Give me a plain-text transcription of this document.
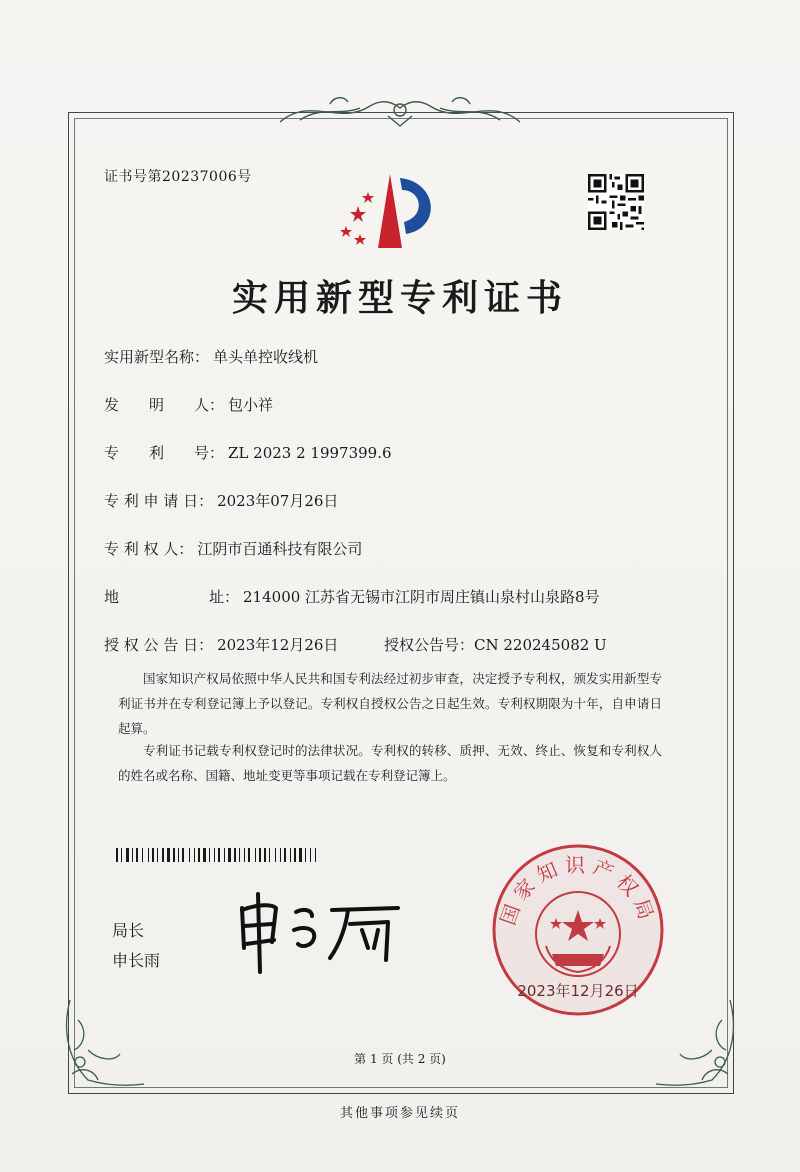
证书号第20237006号
实用新型专利证书
实用新型名称： 单头单控收线机
发　　明　　人： 包小祥
专　　利　　号： ZL 2023 2 1997399.6
专 利 申 请 日： 2023年07月26日
专 利 权 人： 江阴市百通科技有限公司
地　　　　　　址： 214000 江苏省无锡市江阴市周庄镇山泉村山泉路8号
授 权 公 告 日： 2023年12月26日	授权公告号：CN 220245082 U
国家知识产权局依照中华人民共和国专利法经过初步审查，决定授予专利权，颁发实用新型专利证书并在专利登记簿上予以登记。专利权自授权公告之日起生效。专利权期限为十年，自申请日起算。
专利证书记载专利权登记时的法律状况。专利权的转移、质押、无效、终止、恢复和专利权人的姓名或名称、国籍、地址变更等事项记载在专利登记簿上。
局长
申长雨
国家知识产权局
2023年12月26日
第 1 页 (共 2 页)
其他事项参见续页
